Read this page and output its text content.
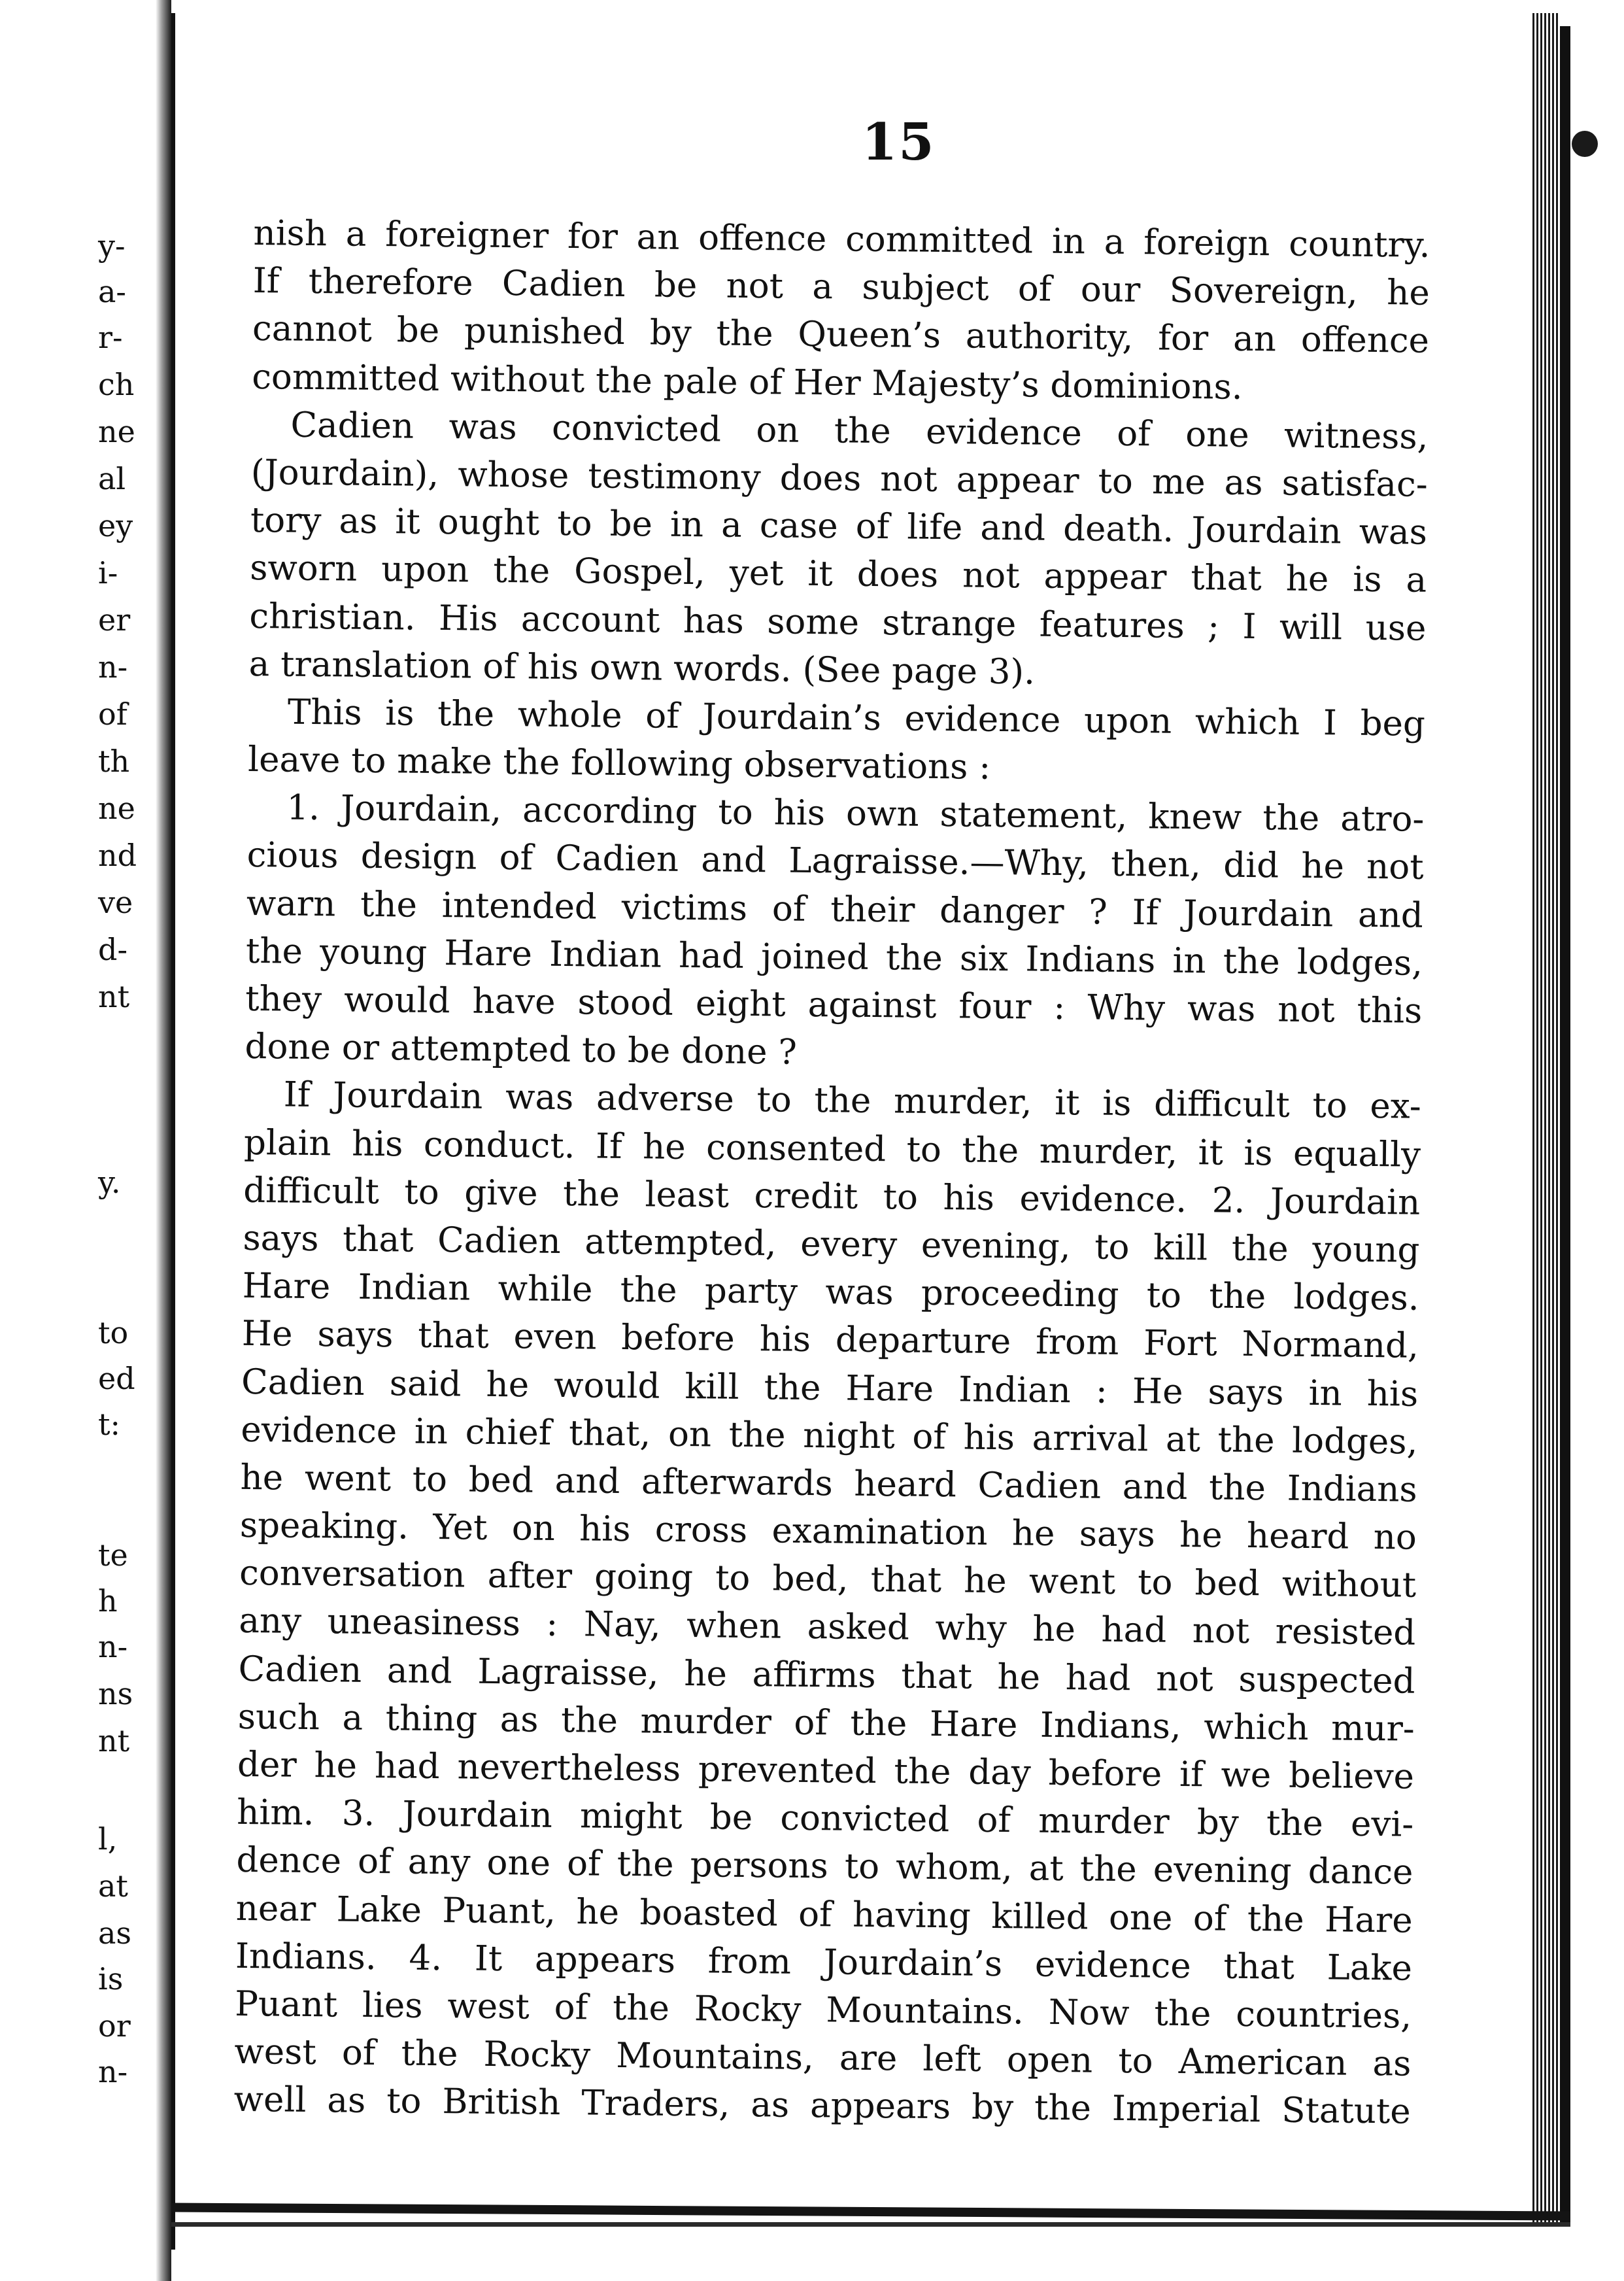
y-
a-
r-
ch
ne
al
ey
i-
er
n-
of
th
ne
nd
ve
d-
nt
y.
to
ed
t:
te
h
n-
ns
nt
l,
at
as
is
or
n-
15
nish a foreigner for an offence committed in a foreign country.
If therefore Cadien be not a subject of our Sovereign, he
cannot be punished by the Queen’s authority, for an offence
committed without the pale of Her Majesty’s dominions.
Cadien was convicted on the evidence of one witness,
(Jourdain), whose testimony does not appear to me as satisfac-
tory as it ought to be in a case of life and death. Jourdain was
sworn upon the Gospel, yet it does not appear that he is a
christian. His account has some strange features ; I will use
a translation of his own words. (See page 3).
This is the whole of Jourdain’s evidence upon which I beg
leave to make the following observations :
1. Jourdain, according to his own statement, knew the atro-
cious design of Cadien and Lagraisse.—Why, then, did he not
warn the intended victims of their danger ? If Jourdain and
the young Hare Indian had joined the six Indians in the lodges,
they would have stood eight against four : Why was not this
done or attempted to be done ?
If Jourdain was adverse to the murder, it is difficult to ex-
plain his conduct. If he consented to the murder, it is equally
difficult to give the least credit to his evidence. 2. Jourdain
says that Cadien attempted, every evening, to kill the young
Hare Indian while the party was proceeding to the lodges.
He says that even before his departure from Fort Normand,
Cadien said he would kill the Hare Indian : He says in his
evidence in chief that, on the night of his arrival at the lodges,
he went to bed and afterwards heard Cadien and the Indians
speaking. Yet on his cross examination he says he heard no
conversation after going to bed, that he went to bed without
any uneasiness : Nay, when asked why he had not resisted
Cadien and Lagraisse, he affirms that he had not suspected
such a thing as the murder of the Hare Indians, which mur-
der he had nevertheless prevented the day before if we believe
him. 3. Jourdain might be convicted of murder by the evi-
dence of any one of the persons to whom, at the evening dance
near Lake Puant, he boasted of having killed one of the Hare
Indians. 4. It appears from Jourdain’s evidence that Lake
Puant lies west of the Rocky Mountains. Now the countries,
west of the Rocky Mountains, are left open to American as
well as to British Traders, as appears by the Imperial Statute
